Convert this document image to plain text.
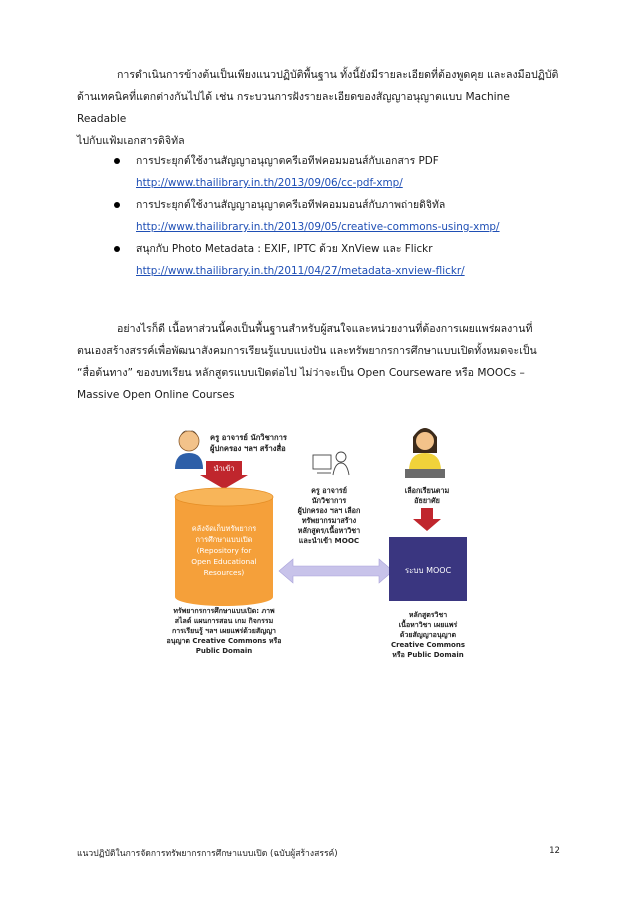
การดำเนินการข้างต้นเป็นเพียงแนวปฏิบัติพื้นฐาน ทั้งนี้ยังมีรายละเอียดที่ต้องพูดคุย และลงมือปฏิบัติ
ด้านเทคนิคที่แตกต่างกันไปได้ เช่น กระบวนการฝังรายละเอียดของสัญญาอนุญาตแบบ Machine Readable
ไปกับแฟ้มเอกสารดิจิทัล

การประยุกต์ใช้งานสัญญาอนุญาตครีเอทีฟคอมมอนส์กับเอกสาร PDF
http://www.thailibrary.in.th/2013/09/06/cc-pdf-xmp/
การประยุกต์ใช้งานสัญญาอนุญาตครีเอทีฟคอมมอนส์กับภาพถ่ายดิจิทัล
http://www.thailibrary.in.th/2013/09/05/creative-commons-using-xmp/
สนุกกับ Photo Metadata : EXIF, IPTC ด้วย XnView และ Flickr
http://www.thailibrary.in.th/2011/04/27/metadata-xnview-flickr/

อย่างไรก็ดี เนื้อหาส่วนนี้คงเป็นพื้นฐานสำหรับผู้สนใจและหน่วยงานที่ต้องการเผยแพร่ผลงานที่
ตนเองสร้างสรรค์เพื่อพัฒนาสังคมการเรียนรู้แบบแบ่งปัน และทรัพยากรการศึกษาแบบเปิดทั้งหมดจะเป็น
“สื่อต้นทาง” ของบทเรียน หลักสูตรแบบเปิดต่อไป ไม่ว่าจะเป็น Open Courseware หรือ MOOCs –
Massive Open Online Courses

ครู อาจารย์ นักวิชาการ
ผู้ปกครอง ฯลฯ สร้างสื่อ
นำเข้า
คลังจัดเก็บทรัพยากร
การศึกษาแบบเปิด
(Repository for
Open Educational
Resources)
ครู อาจารย์
นักวิชาการ
ผู้ปกครอง ฯลฯ เลือก
ทรัพยากรมาสร้าง
หลักสูตร/เนื้อหาวิชา
และนำเข้า MOOC
เลือกเรียนตาม
อัธยาศัย
ระบบ MOOC
ทรัพยากรการศึกษาแบบเปิด: ภาพ
สไลด์ แผนการสอน เกม กิจกรรม
การเรียนรู้ ฯลฯ เผยแพร่ด้วยสัญญา
อนุญาต Creative Commons หรือ
Public Domain
หลักสูตรวิชา
เนื้อหาวิชา เผยแพร่
ด้วยสัญญาอนุญาต
Creative Commons
หรือ Public Domain
แนวปฏิบัติในการจัดการทรัพยากรการศึกษาแบบเปิด (ฉบับผู้สร้างสรรค์)	12
